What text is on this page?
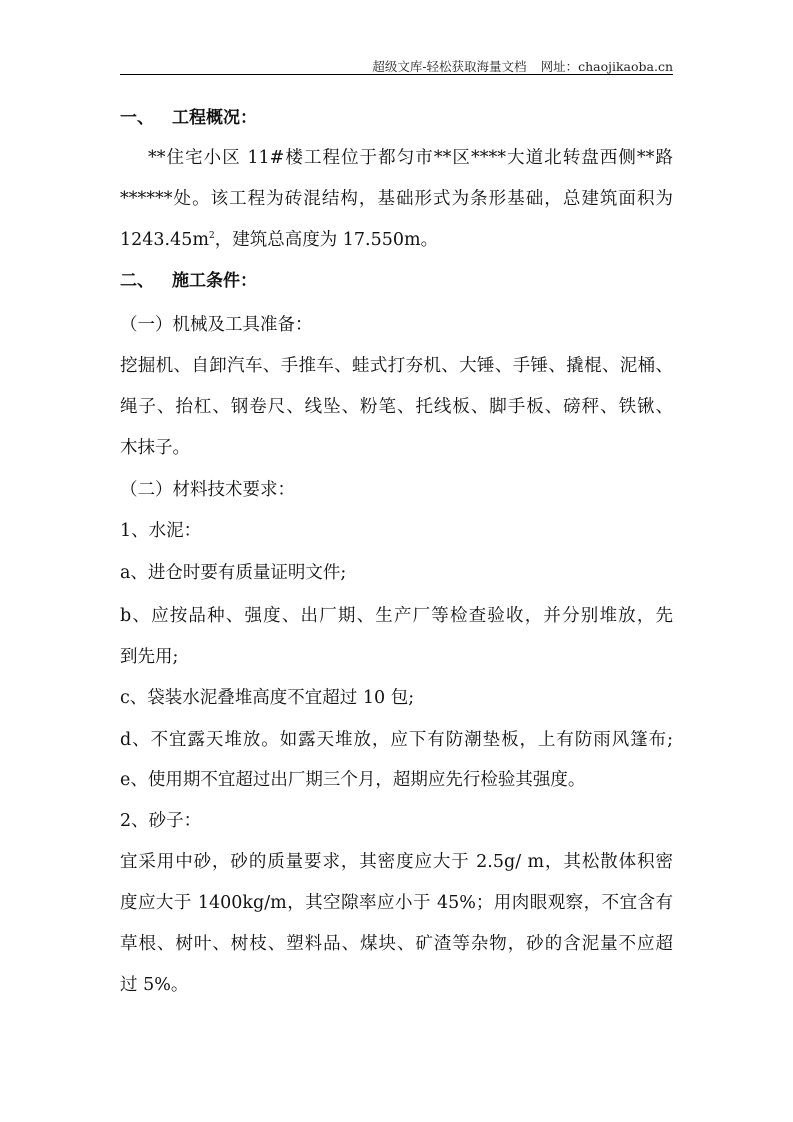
超级文库-轻松获取海量文档 网址：chaojikaoba.cn
一、 工程概况：
**住宅小区 11#楼工程位于都匀市**区****大道北转盘西侧**路
******处。该工程为砖混结构，基础形式为条形基础，总建筑面积为
$1243.45m^2$，建筑总高度为 17.550m。
二、 施工条件：
（一）机械及工具准备：
挖掘机、自卸汽车、手推车、蛙式打夯机、大锤、手锤、撬棍、泥桶、
绳子、抬杠、钢卷尺、线坠、粉笔、托线板、脚手板、磅秤、铁锹、
木抹子。
（二）材料技术要求：
1、水泥：
a、进仓时要有质量证明文件;
b、应按品种、强度、出厂期、生产厂等检查验收，并分别堆放，先
到先用;
c、袋装水泥叠堆高度不宜超过 10 包;
d、不宜露天堆放。如露天堆放，应下有防潮垫板，上有防雨风篷布;
e、使用期不宜超过出厂期三个月，超期应先行检验其强度。
2、砂子：
宜采用中砂，砂的质量要求，其密度应大于 2.5g/ m，其松散体积密
度应大于 1400kg/m，其空隙率应小于 45%；用肉眼观察，不宜含有
草根、树叶、树枝、塑料品、煤块、矿渣等杂物，砂的含泥量不应超
过 5%。
